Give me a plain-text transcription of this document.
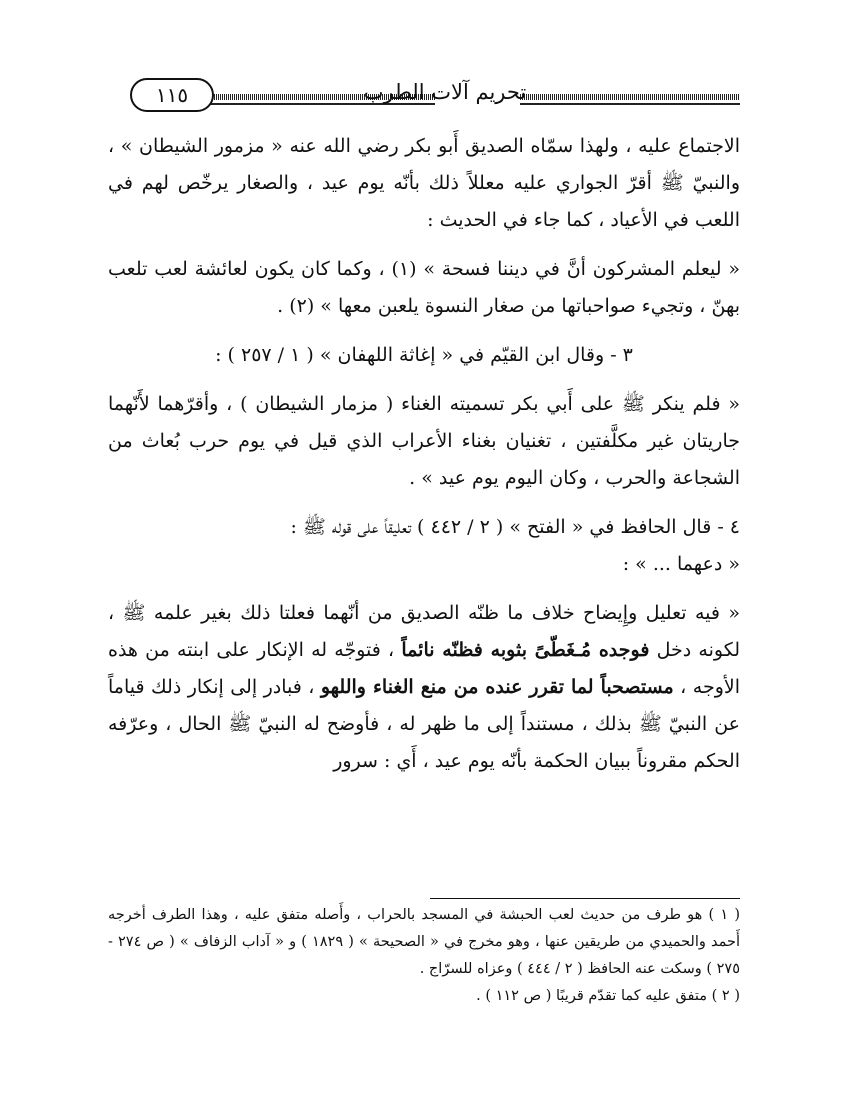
١١٥	تحريم آلات الطرب

الاجتماع عليه ، ولهذا سمّاه الصديق أَبو بكر رضي الله عنه « مزمور الشيطان » ، والنبيّ ﷺ أقرّ الجواري عليه معللاً ذلك بأنّه يوم عيد ، والصغار يرخّص لهم في اللعب في الأعياد ، كما جاء في الحديث :

« ليعلم المشركون أنَّ في ديننا فسحة » (١) ، وكما كان يكون لعائشة لعب تلعب بهنّ ، وتجيء صواحباتها من صغار النسوة يلعبن معها » (٢) .

٣ - وقال ابن القيّم في « إغاثة اللهفان » ( ١ / ٢٥٧ ) :

« فلم ينكر ﷺ على أَبي بكر تسميته الغناء ( مزمار الشيطان ) ، وأقرّهما لأَنّهما جاريتان غير مكلَّفتين ، تغنيان بغناء الأعراب الذي قيل في يوم حرب بُعاث من الشجاعة والحرب ، وكان اليوم يوم عيد » .

٤ - قال الحافظ في « الفتح » ( ٢ / ٤٤٢ ) تعليقاً على قوله ﷺ :

« دعهما ... » :

« فيه تعليل وإِيضاح خلاف ما ظنّه الصديق من أنّهما فعلتا ذلك بغير علمه ﷺ ، لكونه دخل فوجده مُـغَطّىً بثوبه فظنّه نائماً ، فتوجّه له الإنكار على ابنته من هذه الأوجه ، مستصحباً لما تقرر عنده من منع الغناء واللهو ، فبادر إلى إنكار ذلك قياماً عن النبيّ ﷺ بذلك ، مستنداً إلى ما ظهر له ، فأوضح له النبيّ ﷺ الحال ، وعرّفه الحكم مقروناً ببيان الحكمة بأنّه يوم عيد ، أَي : سرور

( ١ ) هو طرف من حديث لعب الحبشة في المسجد بالحراب ، وأَصله متفق عليه ، وهذا الطرف أخرجه أَحمد والحميدي من طريقين عنها ، وهو مخرج في « الصحيحة » ( ١٨٢٩ ) و « آداب الزفاف » ( ص ٢٧٤ - ٢٧٥ ) وسكت عنه الحافظ ( ٢ / ٤٤٤ ) وعزاه للسرّاج .

( ٢ ) متفق عليه كما تقدّم قريبًا ( ص ١١٢ ) .
